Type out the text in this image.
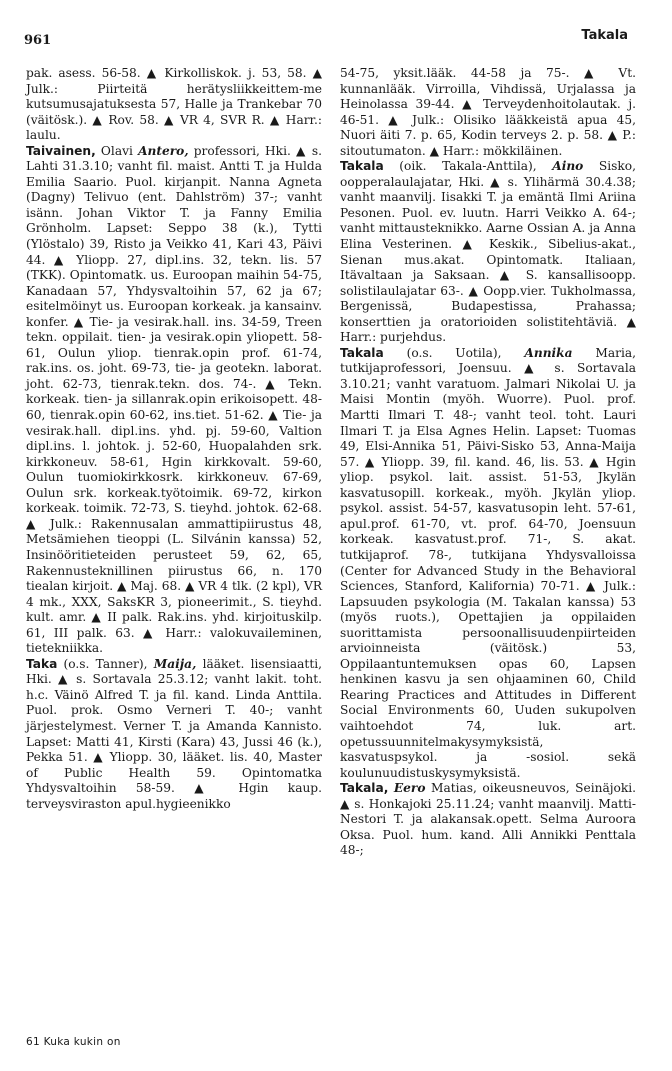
961	Takala

pak. asess. 56-58. ▲ Kirkolliskok. j. 53, 58. ▲ Julk.: Piirteitä herätysliikkeittem-me kutsumusajatuksesta 57, Halle ja Trankebar 70 (väitösk.). ▲ Rov. 58. ▲ VR 4, SVR R. ▲ Harr.: laulu.

Taivainen, Olavi Antero, professori, Hki. ▲ s. Lahti 31.3.10; vanht fil. maist. Antti T. ja Hulda Emilia Saario. Puol. kirjanpit. Nanna Agneta (Dagny) Telivuo (ent. Dahlström) 37-; vanht isänn. Johan Viktor T. ja Fanny Emilia Grönholm. Lapset: Seppo 38 (k.), Tytti (Ylöstalo) 39, Risto ja Veikko 41, Kari 43, Päivi 44. ▲ Yliopp. 27, dipl.ins. 32, tekn. lis. 57 (TKK). Opintomatk. us. Euroopan maihin 54-75, Kanadaan 57, Yhdysvaltoihin 57, 62 ja 67; esitelmöinyt us. Euroopan korkeak. ja kansainv. konfer. ▲ Tie- ja vesirak.hall. ins. 34-59, Treen tekn. oppilait. tien- ja vesirak.opin yliopett. 58-61, Oulun yliop. tienrak.opin prof. 61-74, rak.ins. os. joht. 69-73, tie- ja geotekn. laborat. joht. 62-73, tienrak.tekn. dos. 74-. ▲ Tekn. korkeak. tien- ja sillanrak.opin erikoisopett. 48-60, tienrak.opin 60-62, ins.tiet. 51-62. ▲ Tie- ja vesirak.hall. dipl.ins. yhd. pj. 59-60, Valtion dipl.ins. l. johtok. j. 52-60, Huopalahden srk. kirkkoneuv. 58-61, Hgin kirkkovalt. 59-60, Oulun tuomiokirkkosrk. kirkkoneuv. 67-69, Oulun srk. korkeak.työtoimik. 69-72, kirkon korkeak. toimik. 72-73, S. tieyhd. johtok. 62-68. ▲ Julk.: Rakennusalan ammattipiirustus 48, Metsämiehen tieoppi (L. Silvánin kanssa) 52, Insinööritieteiden perusteet 59, 62, 65, Rakennusteknillinen piirustus 66, n. 170 tiealan kirjoit. ▲ Maj. 68. ▲ VR 4 tlk. (2 kpl), VR 4 mk., XXX, SaksKR 3, pioneerimit., S. tieyhd. kult. amr. ▲ II palk. Rak.ins. yhd. kirjoituskilp. 61, III palk. 63. ▲ Harr.: valokuvaileminen, tietekniikka.

Taka (o.s. Tanner), Maija, lääket. lisensiaatti, Hki. ▲ s. Sortavala 25.3.12; vanht lakit. toht. h.c. Väinö Alfred T. ja fil. kand. Linda Anttila. Puol. prok. Osmo Verneri T. 40-; vanht järjestelymest. Verner T. ja Amanda Kannisto. Lapset: Matti 41, Kirsti (Kara) 43, Jussi 46 (k.), Pekka 51. ▲ Yliopp. 30, lääket. lis. 40, Master of Public Health 59. Opintomatka Yhdysvaltoihin 58-59. ▲ Hgin kaup. terveysviraston apul.hygieenikko

54-75, yksit.lääk. 44-58 ja 75-. ▲ Vt. kunnanlääk. Virroilla, Vihdissä, Urjalassa ja Heinolassa 39-44. ▲ Terveydenhoitolautak. j. 46-51. ▲ Julk.: Olisiko lääkkeistä apua 45, Nuori äiti 7. p. 65, Kodin terveys 2. p. 58. ▲ P.: sitoutumaton. ▲ Harr.: mökkiläinen.

Takala (oik. Takala-Anttila), Aino Sisko, oopperalaulajatar, Hki. ▲ s. Ylihärmä 30.4.38; vanht maanvilj. Iisakki T. ja emäntä Ilmi Ariina Pesonen. Puol. ev. luutn. Harri Veikko A. 64-; vanht mittausteknikko. Aarne Ossian A. ja Anna Elina Vesterinen. ▲ Keskik., Sibelius-akat., Sienan mus.akat. Opintomatk. Italiaan, Itävaltaan ja Saksaan. ▲ S. kansallisoopp. solistilaulajatar 63-. ▲ Oopp.vier. Tukholmassa, Bergenissä, Budapestissa, Prahassa; konserttien ja oratorioiden solistitehtäviä. ▲ Harr.: purjehdus.

Takala (o.s. Uotila), Annika Maria, tutkijaprofessori, Joensuu. ▲ s. Sortavala 3.10.21; vanht varatuom. Jalmari Nikolai U. ja Maisi Montin (myöh. Wuorre). Puol. prof. Martti Ilmari T. 48-; vanht teol. toht. Lauri Ilmari T. ja Elsa Agnes Helin. Lapset: Tuomas 49, Elsi-Annika 51, Päivi-Sisko 53, Anna-Maija 57. ▲ Yliopp. 39, fil. kand. 46, lis. 53. ▲ Hgin yliop. psykol. lait. assist. 51-53, Jkylän kasvatusopill. korkeak., myöh. Jkylän yliop. psykol. assist. 54-57, kasvatusopin leht. 57-61, apul.prof. 61-70, vt. prof. 64-70, Joensuun korkeak. kasvatust.prof. 71-, S. akat. tutkijaprof. 78-, tutkijana Yhdysvalloissa (Center for Advanced Study in the Behavioral Sciences, Stanford, Kalifornia) 70-71. ▲ Julk.: Lapsuuden psykologia (M. Takalan kanssa) 53 (myös ruots.), Opettajien ja oppilaiden suorittamista persoonallisuudenpiirteiden arvioinneista (väitösk.) 53, Oppilaantuntemuksen opas 60, Lapsen henkinen kasvu ja sen ohjaaminen 60, Child Rearing Practices and Attitudes in Different Social Environments 60, Uuden sukupolven vaihtoehdot 74, luk. art. opetussuunnitelmakysymyksistä, kasvatuspsykol. ja -sosiol. sekä koulunuudistuskysymyksistä.

Takala, Eero Matias, oikeusneuvos, Seinäjoki. ▲ s. Honkajoki 25.11.24; vanht maanvilj. Matti-Nestori T. ja alakansak.opett. Selma Auroora Oksa. Puol. hum. kand. Alli Annikki Penttala 48-;

61 Kuka kukin on
